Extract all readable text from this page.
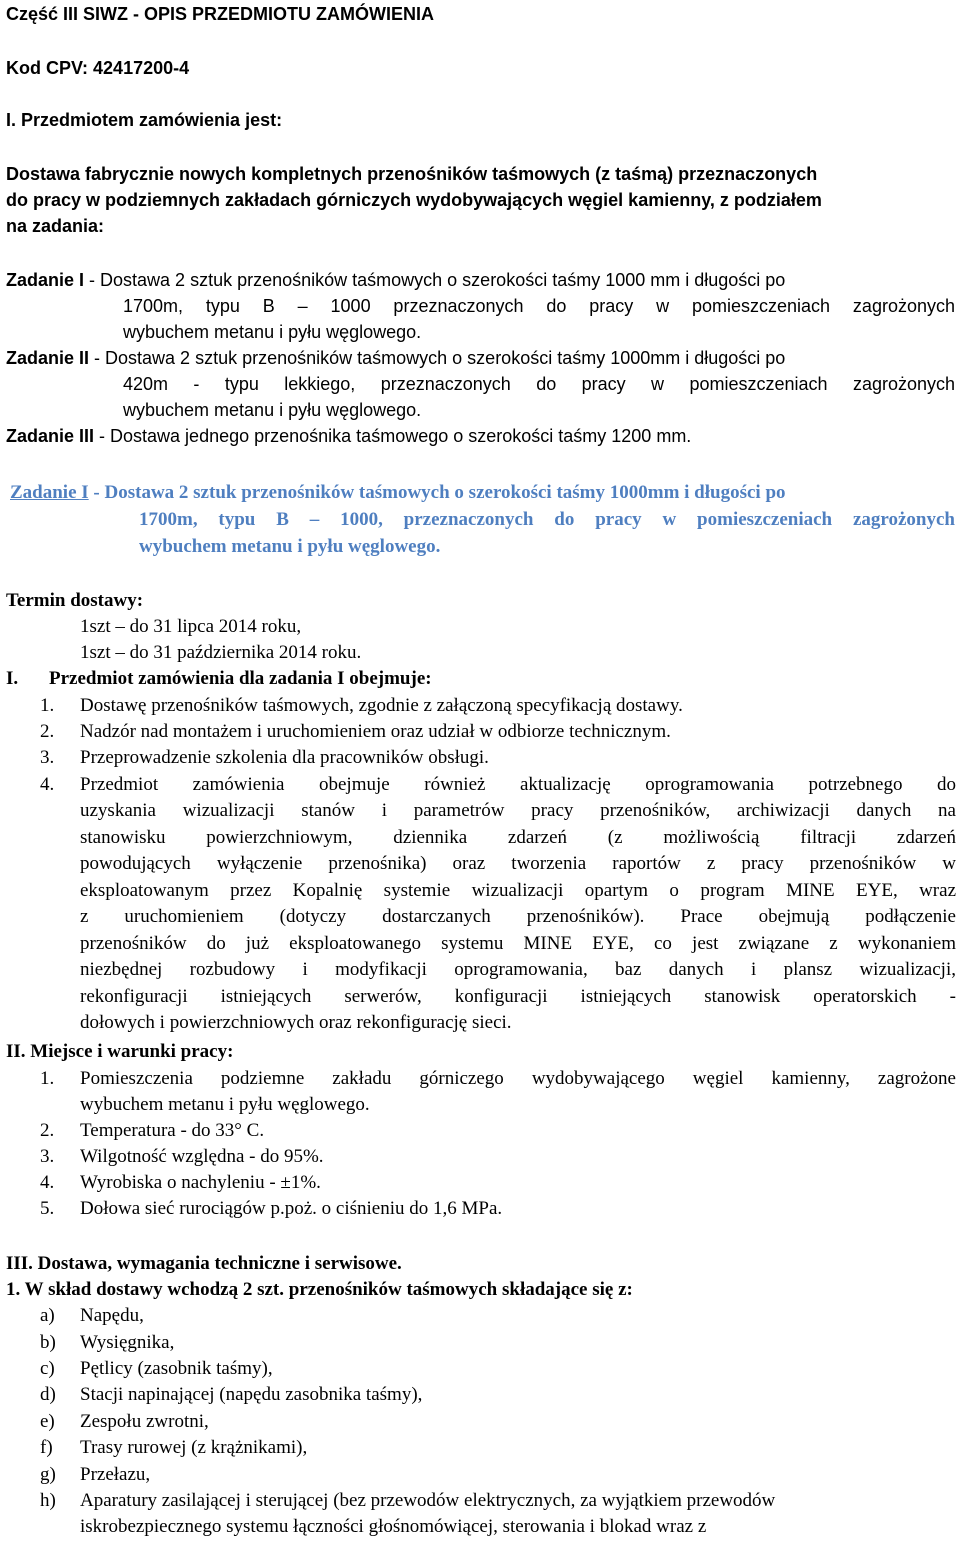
Część III SIWZ - OPIS PRZEDMIOTU ZAMÓWIENIA
Kod CPV: 42417200-4
I. Przedmiotem zamówienia jest:
Dostawa fabrycznie nowych kompletnych przenośników taśmowych (z taśmą) przeznaczonych
do pracy w podziemnych zakładach górniczych wydobywających węgiel kamienny, z podziałem
na zadania:
Zadanie I - Dostawa 2 sztuk przenośników taśmowych o szerokości taśmy 1000 mm i długości po
1700m, typu B – 1000 przeznaczonych do pracy w pomieszczeniach zagrożonych
wybuchem metanu i pyłu węglowego.
Zadanie II - Dostawa 2 sztuk przenośników taśmowych o szerokości taśmy 1000mm i długości po
420m - typu lekkiego, przeznaczonych do pracy w pomieszczeniach zagrożonych
wybuchem metanu i pyłu węglowego.
Zadanie III - Dostawa jednego przenośnika taśmowego o szerokości taśmy 1200 mm.
Zadanie I - Dostawa 2 sztuk przenośników taśmowych o szerokości taśmy 1000mm i długości po
1700m, typu B – 1000, przeznaczonych do pracy w pomieszczeniach zagrożonych
wybuchem metanu i pyłu węglowego.
Termin dostawy:
1szt – do 31 lipca 2014 roku,
1szt – do 31 października 2014 roku.
I. Przedmiot zamówienia dla zadania I obejmuje:
1. Dostawę przenośników taśmowych, zgodnie z załączoną specyfikacją dostawy.
2. Nadzór nad montażem i uruchomieniem oraz udział w odbiorze technicznym.
3. Przeprowadzenie szkolenia dla pracowników obsługi.
4. Przedmiot zamówienia obejmuje również aktualizację oprogramowania potrzebnego do
uzyskania wizualizacji stanów i parametrów pracy przenośników, archiwizacji danych na
stanowisku powierzchniowym, dziennika zdarzeń (z możliwością filtracji zdarzeń
powodujących wyłączenie przenośnika) oraz tworzenia raportów z pracy przenośników w
eksploatowanym przez Kopalnię systemie wizualizacji opartym o program MINE EYE, wraz
z uruchomieniem (dotyczy dostarczanych przenośników). Prace obejmują podłączenie
przenośników do już eksploatowanego systemu MINE EYE, co jest związane z wykonaniem
niezbędnej rozbudowy i modyfikacji oprogramowania, baz danych i plansz wizualizacji,
rekonfiguracji istniejących serwerów, konfiguracji istniejących stanowisk operatorskich -
dołowych i powierzchniowych oraz rekonfigurację sieci.
II. Miejsce i warunki pracy:
1. Pomieszczenia podziemne zakładu górniczego wydobywającego węgiel kamienny, zagrożone
wybuchem metanu i pyłu węglowego.
2. Temperatura - do 33° C.
3. Wilgotność względna - do 95%.
4. Wyrobiska o nachyleniu - ±1%.
5. Dołowa sieć rurociągów p.poż. o ciśnieniu do 1,6 MPa.
III. Dostawa, wymagania techniczne i serwisowe.
1. W skład dostawy wchodzą 2 szt. przenośników taśmowych składające się z:
a) Napędu,
b) Wysięgnika,
c) Pętlicy (zasobnik taśmy),
d) Stacji napinającej (napędu zasobnika taśmy),
e) Zespołu zwrotni,
f) Trasy rurowej (z krążnikami),
g) Przełazu,
h) Aparatury zasilającej i sterującej (bez przewodów elektrycznych, za wyjątkiem przewodów
iskrobezpiecznego systemu łączności głośnomówiącej, sterowania i blokad wraz z
